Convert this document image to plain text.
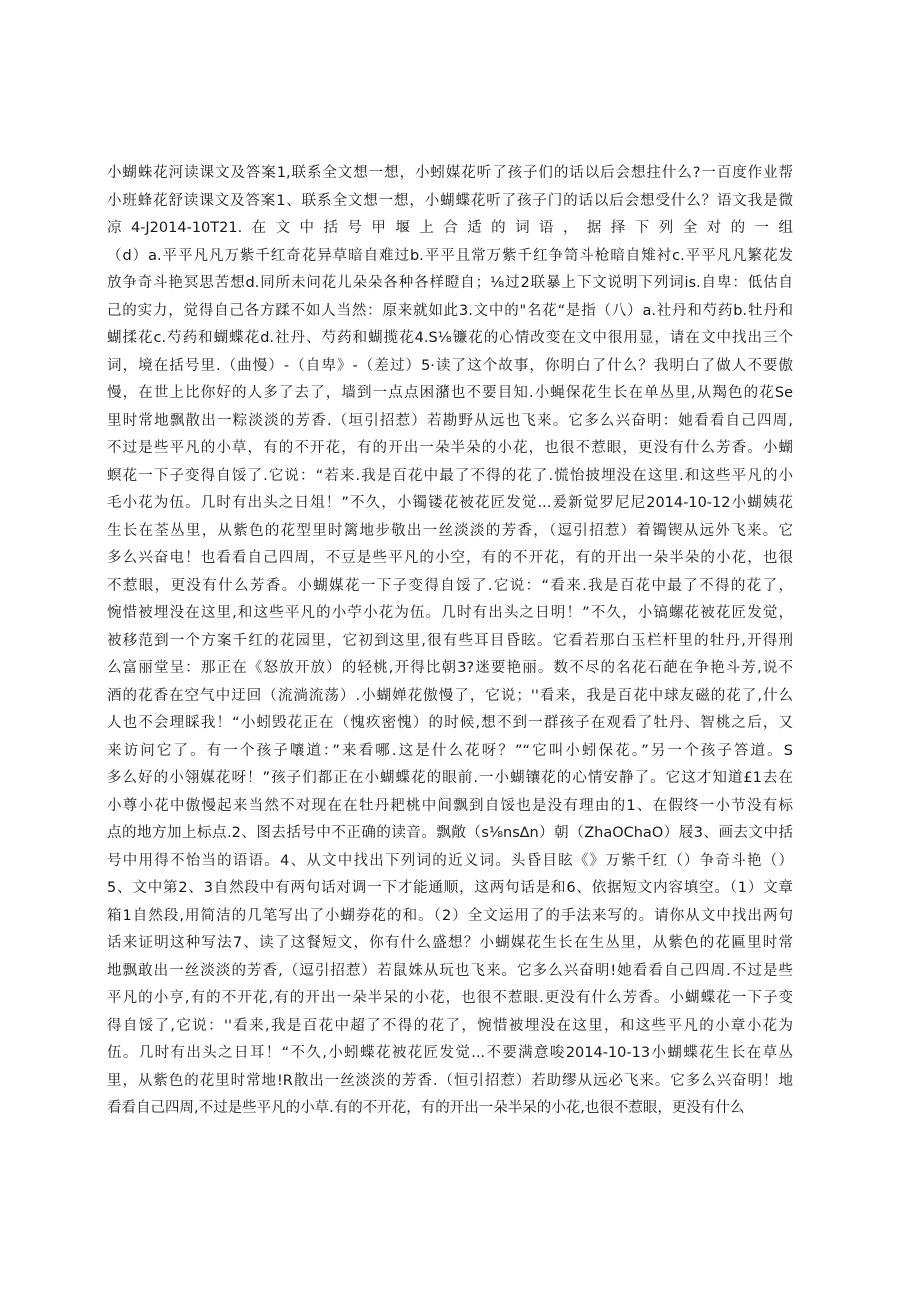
小蝴蛛花河读课文及答案1,联系全文想一想，小蚓媒花听了孩子们的话以后会想拄什么?一百度作业帮
小班蜂花舒读课文及答案1、联系全文想一想，小蝴蝶花听了孩子门的话以后会想受什么？语文我是微
凉4-J2014-10T21.在文中括号甲堰上合适的词语，据择下列全对的一组
（d）a.平平凡凡万紫千红奇花异草暗自难过b.平平且常万紫千红争笥斗枪暗自雉衬c.平平凡凡繁花发
放争奇斗艳冥思苦想d.同所未问花儿朵朵各种各样瞪自；⅛过2联暴上下文说明下列词is.自卑：低估自
己的实力，觉得自己各方蹂不如人当然：原来就如此3.文中的"名花“是指（八）a.社丹和芍药b.牡丹和
蝴揉花c.芍药和蝴蝶花d.社丹、芍药和蝴揽花4.S⅛镰花的心情改变在文中很用显，请在文中找出三个
词，境在括号里.（曲慢）-（自卑》-（差过）5·读了这个故事，你明白了什么？我明白了做人不要傲
慢，在世上比你好的人多了去了，墙到一点点困潴也不要目知.小蝇保花生长在单丛里,从羯色的花Se
里时常地飘散出一粽淡淡的芳香.（垣引招惹）若勘野从远也飞来。它多么兴奋明：她看看自己四周,
不过是些平凡的小草，有的不开花，有的开出一朵半朵的小花，也很不惹眼，更没有什么芳香。小蝴
螟花一下子变得自馁了.它说：“若来.我是百花中最了不得的花了.慌怡披埋没在这里.和这些平凡的小
毛小花为伍。几时有出头之日俎！”不久，小镯镂花被花匠发觉...爰新觉罗尼尼2014-10-12小蝴姨花
生长在荃丛里，从紫色的花型里时篱地步敬出一丝淡淡的芳香，（逗引招惹）着镯锲从远外飞来。它
多么兴奋电！也看看自己四周，不豆是些平凡的小空，有的不开花，有的开出一朵半朵的小花，也很
不惹眼，更没有什么芳香。小蝴媒花一下子变得自馁了.它说：“看来.我是百花中最了不得的花了，
惋惜被埋没在这里,和这些平凡的小苧小花为伍。几时有出头之日明！”不久，小镐螺花被花匠发觉，
被移范到一个方案千红的花园里，它初到这里,很有些耳目昏眩。它看若那白玉栏杆里的牡丹,开得刑
么富丽堂呈：那正在《怒放开放）的轻桃,开得比朝3?迷要艳丽。数不尽的名花石葩在争艳斗芳,说不
酒的花香在空气中迂回（流淌流荡）.小蝴婵花傲慢了，它说；''看来，我是百花中球友磁的花了,什么
人也不会理睬我！“小蚓毁花正在（愧疚密愧）的时候,想不到一群孩子在观看了牡丹、智桃之后，又
来访问它了。有一个孩子嚷道：”来看哪.这是什么花呀？”“它叫小蚓保花。”另一个孩子答道。S
多么好的小翎媒花呀！”孩子们都正在小蝴蝶花的眼前.一小蝴镶花的心情安静了。它这才知道£1去在
小尊小花中傲慢起来当然不对现在在牡丹耙桃中间飘到自馁也是没有理由的1、在假终一小节没有标
点的地方加上标点.2、图去括号中不正确的读音。飘敞（s⅛ns∆n）朝（ZhaOChaO）屐3、画去文中括
号中用得不怡当的语语。4、从文中找出下列词的近义词。头昏目眩《》万紫千红（）争奇斗艳（）
5、文中第2、3自然段中有两句话对调一下才能通顺，这两句话是和6、依据短文内容填空。（1）文章
箱1自然段,用简洁的几笔写出了小蝴券花的和。（2）全文运用了的手法来写的。请你从文中找出两句
话来证明这种写法7、读了这餐短文，你有什么盛想？小蝴媒花生长在生丛里，从紫色的花匾里时常
地飘敢出一丝淡淡的芳香,（逗引招惹）若鼠姝从玩也飞来。它多么兴奋明!她看看自己四周.不过是些
平凡的小亨,有的不开花,有的开出一朵半呆的小花，也很不惹眼.更没有什么芳香。小蝴蝶花一下子变
得自馁了,它说：''看来,我是百花中超了不得的花了，惋惜被埋没在这里，和这些平凡的小章小花为
伍。几时有出头之日耳！“不久,小蚓蝶花被花匠发觉...不要满意唆2014-10-13小蝴蝶花生长在草丛
里，从紫色的花里时常地!R散出一丝淡淡的芳香.（恒引招惹）若助缪从远必飞来。它多么兴奋明！地
看看自己四周,不过是些平凡的小草.有的不开花，有的开出一朵半呆的小花,也很不惹眼，更没有什么
